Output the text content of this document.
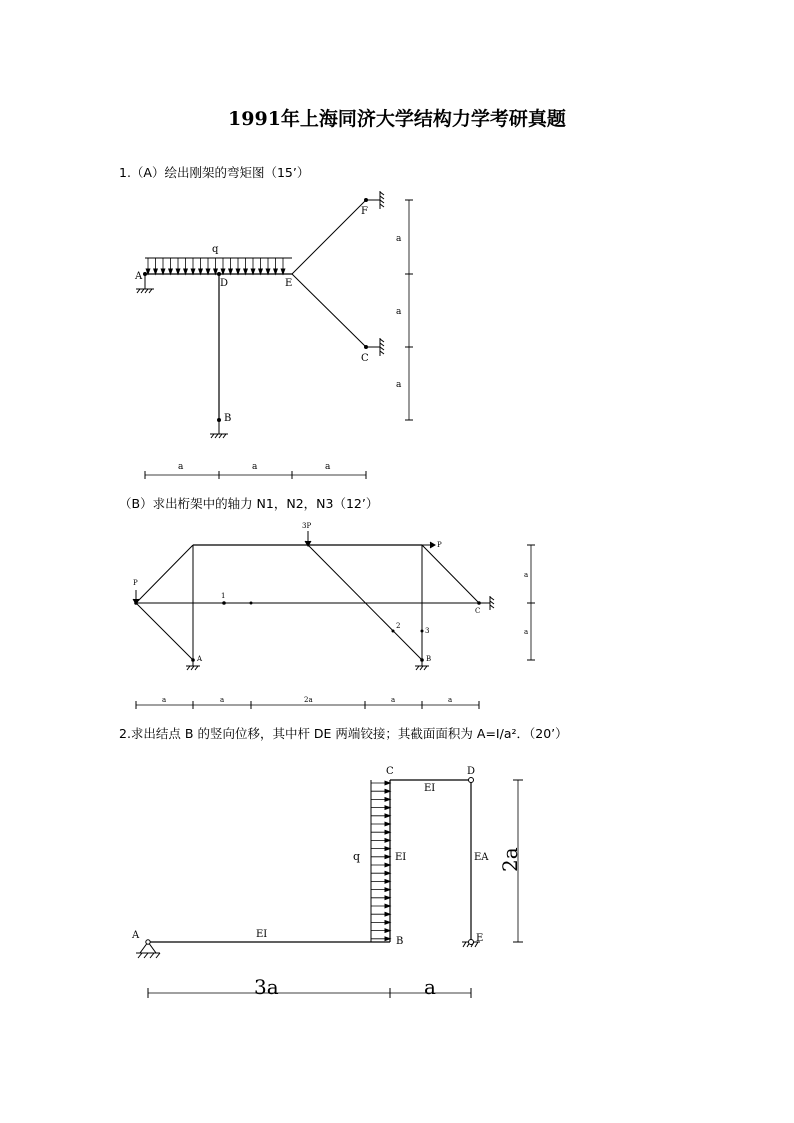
1991年上海同济大学结构力学考研真题
1.（A）绘出刚架的弯矩图（15’）
（B）求出桁架中的轴力 N1，N2，N3（12’）
2.求出结点 B 的竖向位移，其中杆 DE 两端铰接；其截面面积为 A=I/a²．（20’）
q
A
D	E
F
C
B
a	a	a
a
a
a
3P
P
P
1
2
3
A	B
C
a	a	2a	a	a
a
a
A
B
C	D
E
EI
EI
EI
EA
q
3a	a
2a
